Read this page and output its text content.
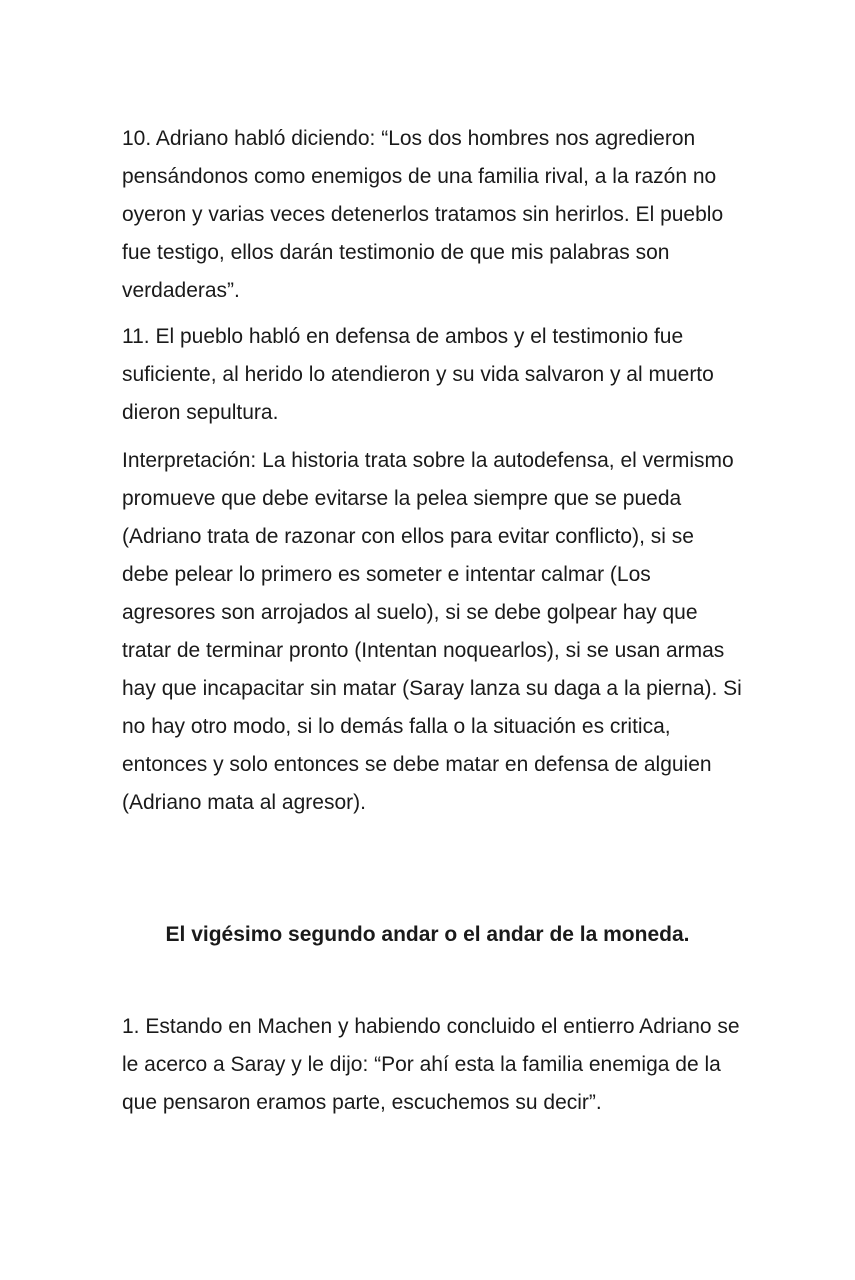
10. Adriano habló diciendo: “Los dos hombres nos agredieron pensándonos como enemigos de una familia rival, a la razón no oyeron y varias veces detenerlos tratamos sin herirlos. El pueblo fue testigo, ellos darán testimonio de que mis palabras son verdaderas”.
11. El pueblo habló en defensa de ambos y el testimonio fue suficiente, al herido lo atendieron y su vida salvaron y al muerto dieron sepultura.
Interpretación: La historia trata sobre la autodefensa, el vermismo promueve que debe evitarse la pelea siempre que se pueda (Adriano trata de razonar con ellos para evitar conflicto), si se debe pelear lo primero es someter e intentar calmar (Los agresores son arrojados al suelo), si se debe golpear hay que tratar de terminar pronto (Intentan noquearlos), si se usan armas hay que incapacitar sin matar (Saray lanza su daga a la pierna). Si no hay otro modo, si lo demás falla o la situación es critica, entonces y solo entonces se debe matar en defensa de alguien (Adriano mata al agresor).
El vigésimo segundo andar o el andar de la moneda.
1. Estando en Machen y habiendo concluido el entierro Adriano se le acerco a Saray y le dijo: “Por ahí esta la familia enemiga de la que pensaron eramos parte, escuchemos su decir”.
